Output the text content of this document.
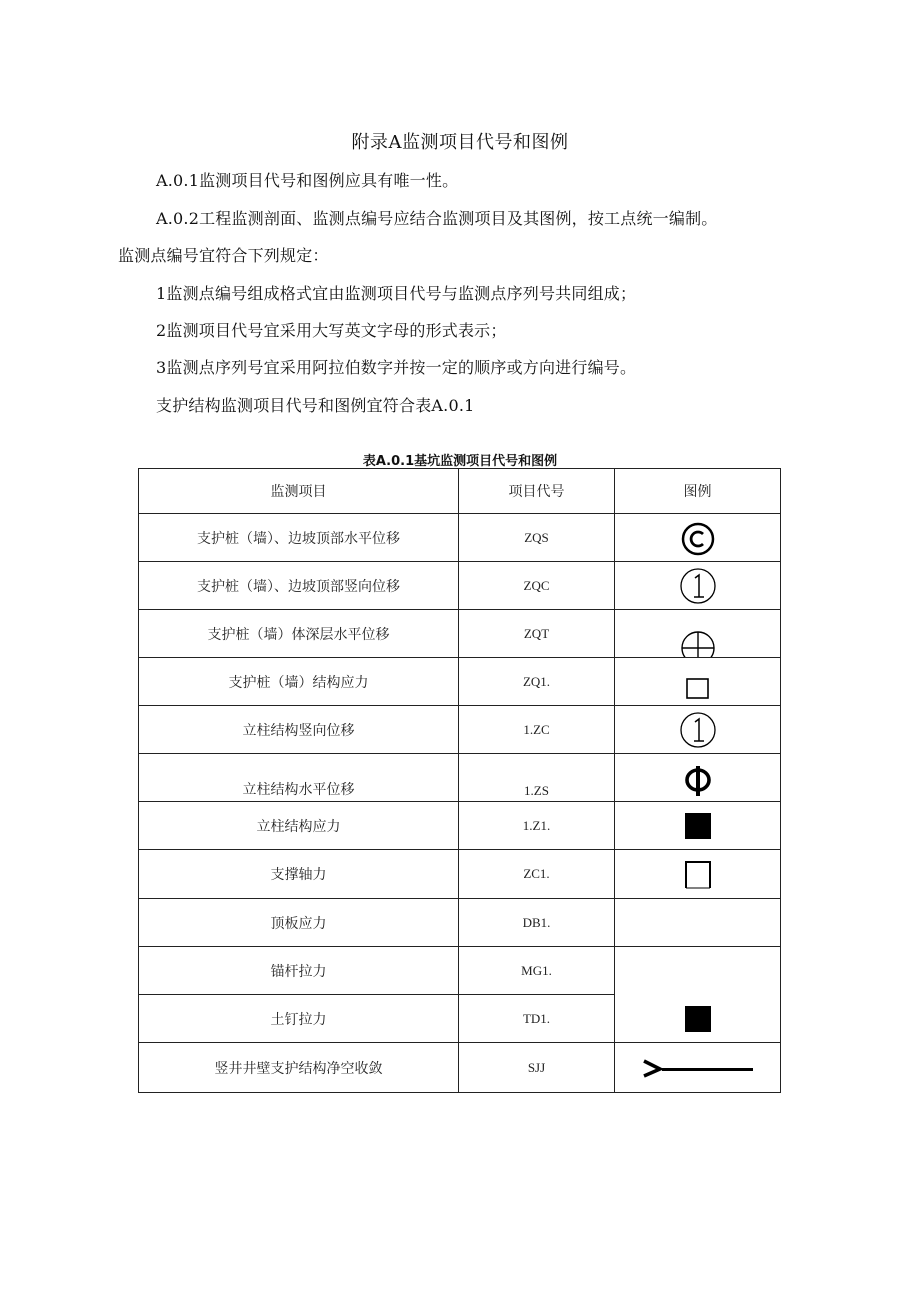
附录A监测项目代号和图例
A.0.1监测项目代号和图例应具有唯一性。
A.0.2工程监测剖面、监测点编号应结合监测项目及其图例，按工点统一编制。
监测点编号宜符合下列规定：
1监测点编号组成格式宜由监测项目代号与监测点序列号共同组成；
2监测项目代号宜采用大写英文字母的形式表示；
3监测点序列号宜采用阿拉伯数字并按一定的顺序或方向进行编号。
支护结构监测项目代号和图例宜符合表A.0.1
表A.0.1基坑监测项目代号和图例
监测项目	项目代号	图例
支护桩（墙）、边坡顶部水平位移	ZQS
支护桩（墙）、边坡顶部竖向位移	ZQC
支护桩（墙）体深层水平位移	ZQT
支护桩（墙）结构应力	ZQ1.
立柱结构竖向位移	1.ZC
立柱结构水平位移	1.ZS
立柱结构应力	1.Z1.
支撑轴力	ZC1.
顶板应力	DB1.
锚杆拉力	MG1.
土钉拉力	TD1.
竖井井壁支护结构净空收敛	SJJ
